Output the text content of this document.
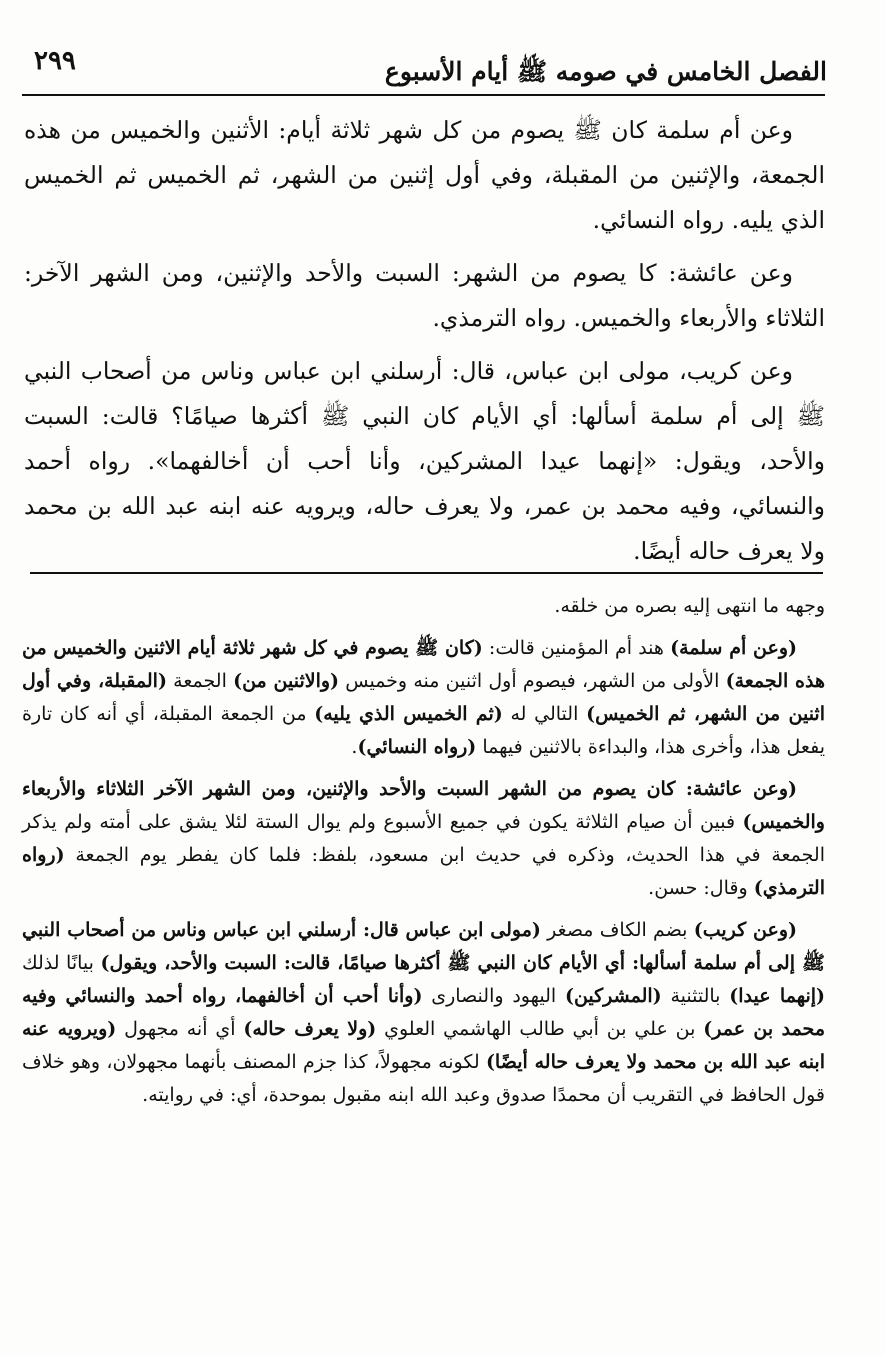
الفصل الخامس في صومه ﷺ أيام الأسبوع
٢٩٩

وعن أم سلمة كان ﷺ يصوم من كل شهر ثلاثة أيام: الأثنين والخميس من هذه الجمعة، والإثنين من المقبلة، وفي أول إثنين من الشهر، ثم الخميس ثم الخميس الذي يليه. رواه النسائي.

وعن عائشة: كا يصوم من الشهر: السبت والأحد والإثنين، ومن الشهر الآخر: الثلاثاء والأربعاء والخميس. رواه الترمذي.

وعن كريب، مولى ابن عباس، قال: أرسلني ابن عباس وناس من أصحاب النبي ﷺ إلى أم سلمة أسألها: أي الأيام كان النبي ﷺ أكثرها صيامًا؟ قالت: السبت والأحد، ويقول: «إنهما عيدا المشركين، وأنا أحب أن أخالفهما». رواه أحمد والنسائي، وفيه محمد بن عمر، ولا يعرف حاله، ويرويه عنه ابنه عبد الله بن محمد ولا يعرف حاله أيضًا.

وجهه ما انتهى إليه بصره من خلقه.

(وعن أم سلمة) هند أم المؤمنين قالت: (كان ﷺ يصوم في كل شهر ثلاثة أيام الاثنين والخميس من هذه الجمعة) الأولى من الشهر، فيصوم أول اثنين منه وخميس (والاثنين من) الجمعة (المقبلة، وفي أول اثنين من الشهر، ثم الخميس) التالي له (ثم الخميس الذي يليه) من الجمعة المقبلة، أي أنه كان تارة يفعل هذا، وأخرى هذا، والبداءة بالاثنين فيهما (رواه النسائي).

(وعن عائشة: كان يصوم من الشهر السبت والأحد والإثنين، ومن الشهر الآخر الثلاثاء والأربعاء والخميس) فبين أن صيام الثلاثة يكون في جميع الأسبوع ولم يوال الستة لئلا يشق على أمته ولم يذكر الجمعة في هذا الحديث، وذكره في حديث ابن مسعود، بلفظ: فلما كان يفطر يوم الجمعة (رواه الترمذي) وقال: حسن.

(وعن كريب) بضم الكاف مصغر (مولى ابن عباس قال: أرسلني ابن عباس وناس من أصحاب النبي ﷺ إلى أم سلمة أسألها: أي الأيام كان النبي ﷺ أكثرها صيامًا، قالت: السبت والأحد، ويقول) بيانًا لذلك (إنهما عيدا) بالتثنية (المشركين) اليهود والنصارى (وأنا أحب أن أخالفهما، رواه أحمد والنسائي وفيه محمد بن عمر) بن علي بن أبي طالب الهاشمي العلوي (ولا يعرف حاله) أي أنه مجهول (ويرويه عنه ابنه عبد الله بن محمد ولا يعرف حاله أيضًا) لكونه مجهولاً، كذا جزم المصنف بأنهما مجهولان، وهو خلاف قول الحافظ في التقريب أن محمدًا صدوق وعبد الله ابنه مقبول بموحدة، أي: في روايته.
